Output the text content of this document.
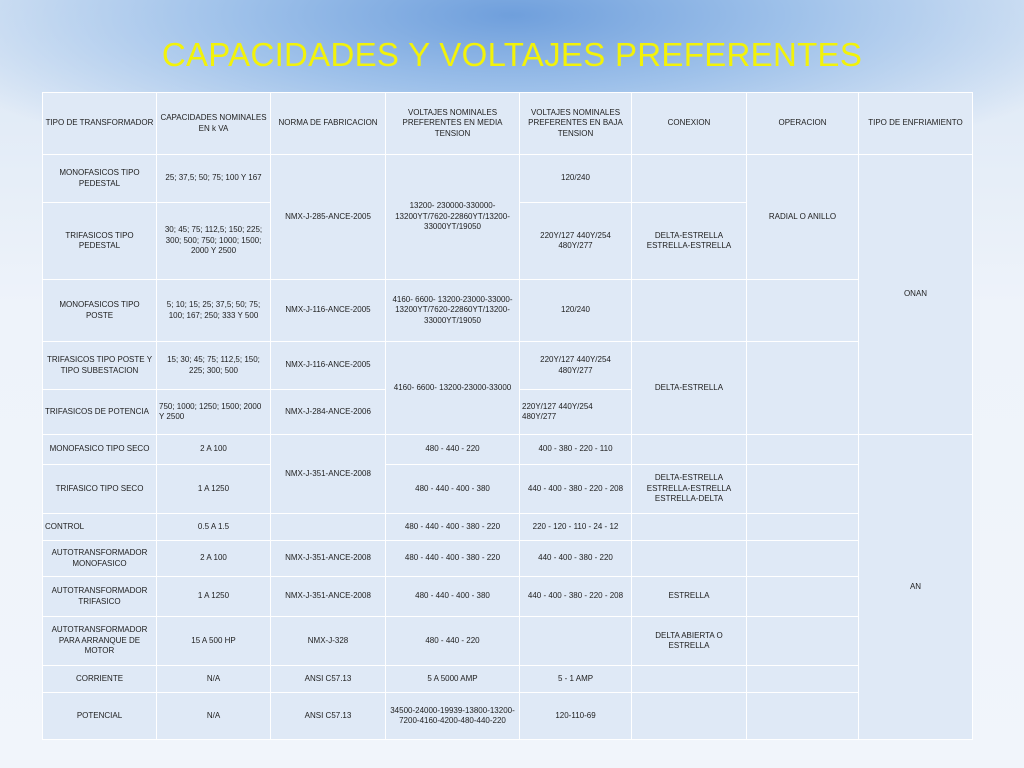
CAPACIDADES Y VOLTAJES PREFERENTES
TIPO DE TRANSFORMADOR	CAPACIDADES NOMINALES EN k VA	NORMA DE FABRICACION	VOLTAJES NOMINALES PREFERENTES EN MEDIA TENSION	VOLTAJES NOMINALES PREFERENTES EN BAJA TENSION	CONEXION	OPERACION	TIPO DE ENFRIAMIENTO
MONOFASICOS TIPO PEDESTAL	25; 37,5; 50; 75; 100 Y 167	NMX-J-285-ANCE-2005	13200- 230000-330000-13200YT/7620-22860YT/13200-33000YT/19050	120/240		RADIAL O ANILLO	ONAN
TRIFASICOS TIPO PEDESTAL	30; 45; 75; 112,5; 150; 225; 300; 500; 750; 1000; 1500; 2000 Y 2500			220Y/127 440Y/254 480Y/277	DELTA-ESTRELLA ESTRELLA-ESTRELLA		
MONOFASICOS TIPO POSTE	5; 10; 15; 25; 37,5; 50; 75; 100; 167; 250; 333 Y 500	NMX-J-116-ANCE-2005	4160- 6600- 13200-23000-33000-13200YT/7620-22860YT/13200-33000YT/19050	120/240			
TRIFASICOS TIPO POSTE Y TIPO SUBESTACION	15; 30; 45; 75; 112,5; 150; 225; 300; 500	NMX-J-116-ANCE-2005	4160- 6600- 13200-23000-33000	220Y/127 440Y/254 480Y/277	DELTA-ESTRELLA		
TRIFASICOS DE POTENCIA	750; 1000; 1250; 1500; 2000 Y 2500	NMX-J-284-ANCE-2006		220Y/127 440Y/254 480Y/277			
MONOFASICO TIPO SECO	2 A 100	NMX-J-351-ANCE-2008	480 - 440 - 220	400 - 380 - 220 - 110			AN
TRIFASICO TIPO SECO	1 A 1250		480 - 440 - 400 - 380	440 - 400 - 380 - 220 - 208	DELTA-ESTRELLA ESTRELLA-ESTRELLA ESTRELLA-DELTA		
CONTROL	0.5 A 1.5		480 - 440 - 400 - 380 - 220	220 - 120 - 110 - 24 - 12			
AUTOTRANSFORMADOR MONOFASICO	2 A 100	NMX-J-351-ANCE-2008	480 - 440 - 400 - 380 - 220	440 - 400 - 380 - 220			
AUTOTRANSFORMADOR TRIFASICO	1 A 1250	NMX-J-351-ANCE-2008	480 - 440 - 400 - 380	440 - 400 - 380 - 220 - 208	ESTRELLA		
AUTOTRANSFORMADOR PARA ARRANQUE DE MOTOR	15 A 500 HP	NMX-J-328	480 - 440 - 220		DELTA ABIERTA O ESTRELLA		
CORRIENTE	N/A	ANSI C57.13	5 A 5000 AMP	5 - 1 AMP			
POTENCIAL	N/A	ANSI C57.13	34500-24000-19939-13800-13200-7200-4160-4200-480-440-220	120-110-69			
